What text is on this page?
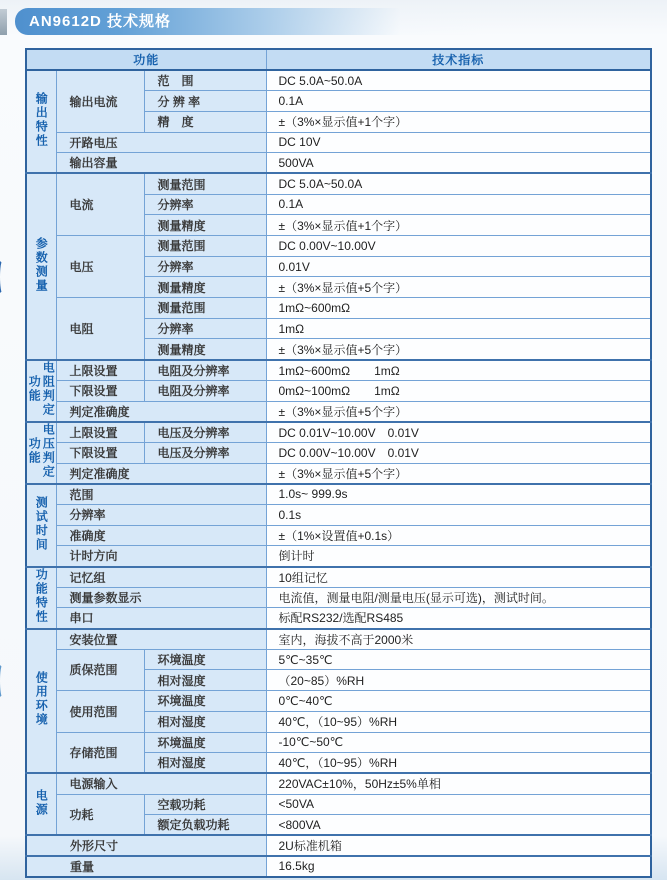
AN9612D 技术规格
功能			技术指标

输出特性	输出电流	范　围	DC 5.0A~50.0A
		分 辨 率	0.1A
		精　度	±（3%×显示值+1个字）
	开路电压		DC 10V
	输出容量		500VA

参数测量	电流	测量范围	DC 5.0A~50.0A
		分辨率	0.1A
		测量精度	±（3%×显示值+1个字）
	电压	测量范围	DC 0.00V~10.00V
		分辨率	0.01V
		测量精度	±（3%×显示值+5个字）
	电阻	测量范围	1mΩ~600mΩ
		分辨率	1mΩ
		测量精度	±（3%×显示值+5个字）

电阻判定
功能	上限设置	电阻及分辨率	1mΩ~600mΩ　　1mΩ
	下限设置	电阻及分辨率	0mΩ~100mΩ　　1mΩ
	判定准确度		±（3%×显示值+5个字）

电压判定
功能	上限设置	电压及分辨率	DC 0.01V~10.00V　0.01V
	下限设置	电压及分辨率	DC 0.00V~10.00V　0.01V
	判定准确度		±（3%×显示值+5个字）

测试时间	范围		1.0s~ 999.9s
	分辨率		0.1s
	准确度		±（1%×设置值+0.1s）
	计时方向		倒计时

功能特性	记忆组		10组记忆
	测量参数显示		电流值，测量电阻/测量电压(显示可选)，测试时间。
	串口		标配RS232/选配RS485

使用环境	安装位置		室内，海拔不高于2000米
	质保范围	环境温度	5℃~35℃
		相对湿度	（20~85）%RH
	使用范围	环境温度	0℃~40℃
		相对湿度	40℃，（10~95）%RH
	存储范围	环境温度	-10℃~50℃
		相对湿度	40℃，（10~95）%RH

电源	电源输入		220VAC±10%，50Hz±5%单相
	功耗	空载功耗	<50VA
		额定负载功耗	<800VA
外形尺寸			2U标准机箱
重量			16.5kg
